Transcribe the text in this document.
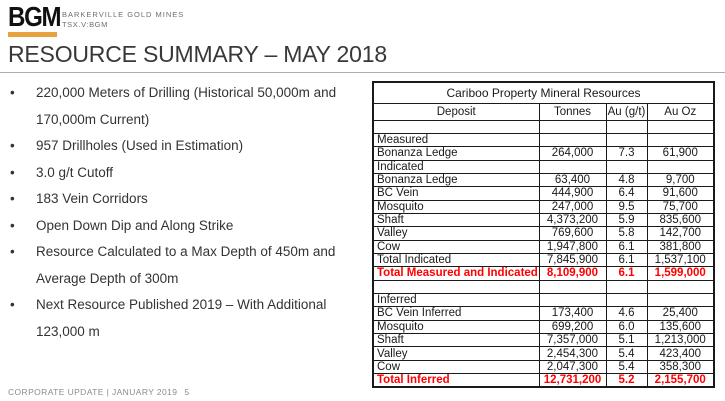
BGM BARKERVILLE GOLD MINES
TSX.V:BGM
RESOURCE SUMMARY – MAY 2018
• 220,000 Meters of Drilling (Historical 50,000m and 170,000m Current)
• 957 Drillholes (Used in Estimation)
• 3.0 g/t Cutoff
• 183 Vein Corridors
• Open Down Dip and Along Strike
• Resource Calculated to a Max Depth of 450m and Average Depth of 300m
• Next Resource Published 2019 – With Additional 123,000 m
Cariboo Property Mineral Resources			
Deposit	Tonnes	Au (g/t)	Au Oz

Measured			
Bonanza Ledge	264,000	7.3	61,900
Indicated			
Bonanza Ledge	63,400	4.8	9,700
BC Vein	444,900	6.4	91,600
Mosquito	247,000	9.5	75,700
Shaft	4,373,200	5.9	835,600
Valley	769,600	5.8	142,700
Cow	1,947,800	6.1	381,800
Total Indicated	7,845,900	6.1	1,537,100
Total Measured and Indicated	8,109,900	6.1	1,599,000

Inferred			
BC Vein Inferred	173,400	4.6	25,400
Mosquito	699,200	6.0	135,600
Shaft	7,357,000	5.1	1,213,000
Valley	2,454,300	5.4	423,400
Cow	2,047,300	5.4	358,300
Total Inferred	12,731,200	5.2	2,155,700
CORPORATE UPDATE | JANUARY 2019 5
